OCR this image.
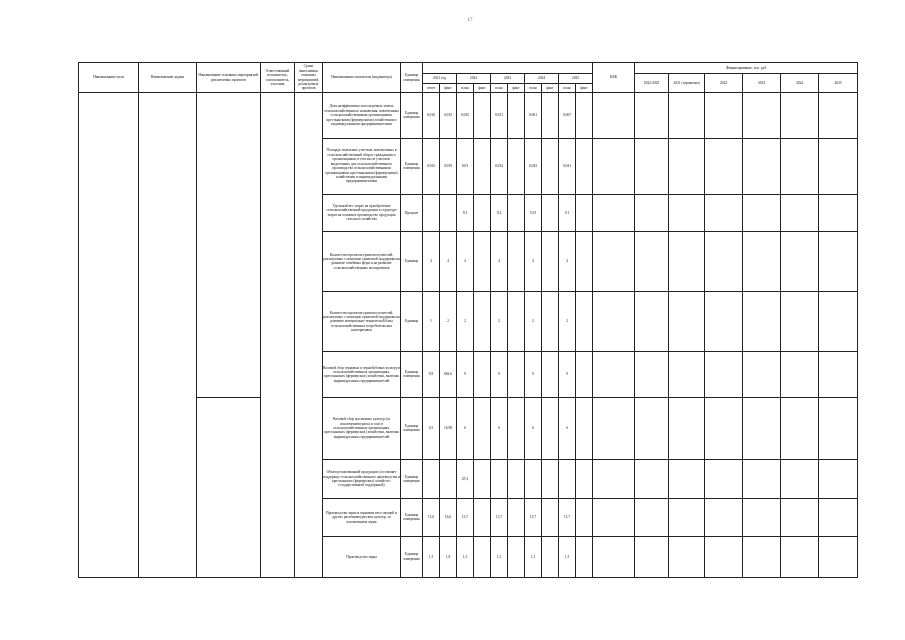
17
Наименование цели	Наименование задачи	Наименование основных мероприятий, реализуемых проектов	Ответственный исполнитель, соисполнитель, участник	Сроки выполнения основных мероприятий, реализуемых проектов	Наименование показателя (индикатора)	Единица измерения											КБК	Финансирование, тыс. руб					
							2021 год		2022		2023		2024		2025			2022-2025	2021 (справочно)	2022	2023	2024	2025
							отчет	факт	план	факт	план	факт	план	факт	план	факт							
					Доля неэффективно используемых земель сельскохозяйственного назначения, вовлеченных сельскохозяйственными организациями, крестьянскими (фермерскими) хозяйствами и индивидуальными предпринимателями	Единица измерения	0,016	0,015	0,025		0,051		0,061		0,067								
					Площадь земельных участков, вовлеченных в сельскохозяйственный оборот гражданами и организациями, в том числе участков, выделенных для сельскохозяйственного производства сельскохозяйственными организациями, крестьянскими (фермерскими) хозяйствами и индивидуальными предпринимателями	Единица измерения	0,032	0,019	0,03		0,034		0,043		0,041								
					Удельный вес затрат на приобретение сельскохозяйственной продукции в структуре затрат на основное производство продукции сельского хозяйства	Процент			9,3		9,2		9,15		9,1								
					Количество проектов грантополучателей, реализуемых с помощью грантовой поддержки на развитие семейных ферм и на развитие сельскохозяйственных кооперативов	Единица	4	4	4		4		4		4								
					Количество проектов грантополучателей, реализуемых с помощью грантовой поддержки на развитие материально-технической базы сельскохозяйственных потребительских кооперативов	Единица	1	2	2		2		2		2								
					Валовой сбор зерновых и зернобобовых культур в сельскохозяйственных организациях, крестьянских (фермерских) хозяйствах, включая индивидуальных предпринимателей	Единица измерения	9,8	682,6	9		9		9		9								
					Валовой сбор масличных культур (за исключением рапса и сои) в сельскохозяйственных организациях, крестьянских (фермерских) хозяйствах, включая индивидуальных предпринимателей	Единица измерения	0,5	16,98	6		6		6		6								
					Объем реализованной продукции (составляет поддержку сельскохозяйственного производства и крестьянских (фермерских) хозяйств с государственной поддержкой)	Единица измерения			25,3														
					Производство зерна в зерновом весе овощей и других растениеводческих культур, за исключением зерна	Единица измерения	13,6	16,6	13,7		13,7		13,7		13,7								
					Производство зерна	Единица измерения	1,3	1,8	1,3		1,3		1,3		1,3								
